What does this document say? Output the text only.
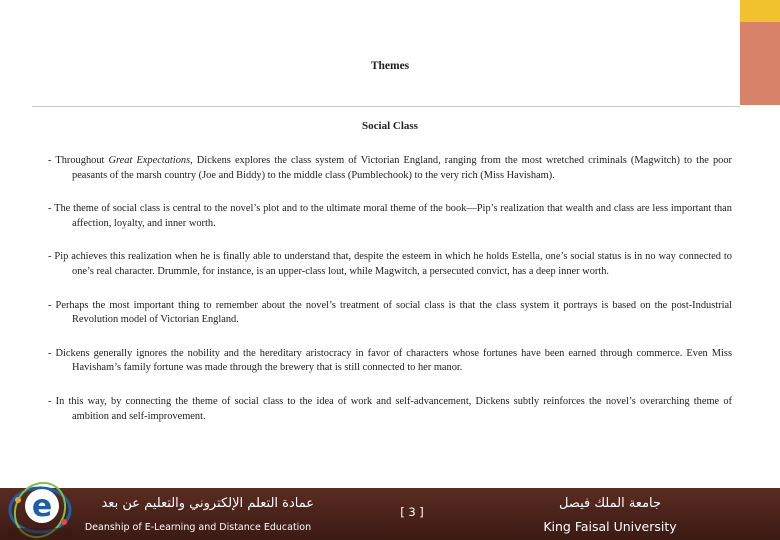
Themes
Social Class

- Throughout Great Expectations, Dickens explores the class system of Victorian England, ranging from the most wretched criminals (Magwitch) to the poor peasants of the marsh country (Joe and Biddy) to the middle class (Pumblechook) to the very rich (Miss Havisham).

- The theme of social class is central to the novel’s plot and to the ultimate moral theme of the book—Pip’s realization that wealth and class are less important than affection, loyalty, and inner worth.

- Pip achieves this realization when he is finally able to understand that, despite the esteem in which he holds Estella, one’s social status is in no way connected to one’s real character. Drummle, for instance, is an upper-class lout, while Magwitch, a persecuted convict, has a deep inner worth.

- Perhaps the most important thing to remember about the novel’s treatment of social class is that the class system it portrays is based on the post-Industrial Revolution model of Victorian England.

- Dickens generally ignores the nobility and the hereditary aristocracy in favor of characters whose fortunes have been earned through commerce. Even Miss Havisham’s family fortune was made through the brewery that is still connected to her manor.

- In this way, by connecting the theme of social class to the idea of work and self-advancement, Dickens subtly reinforces the novel’s overarching theme of ambition and self-improvement.

e	عمادة التعلم الإلكتروني والتعليم عن بعد
Deanship of E-Learning and Distance Education
[ 3 ]
جامعة الملك فيصل
King Faisal University
